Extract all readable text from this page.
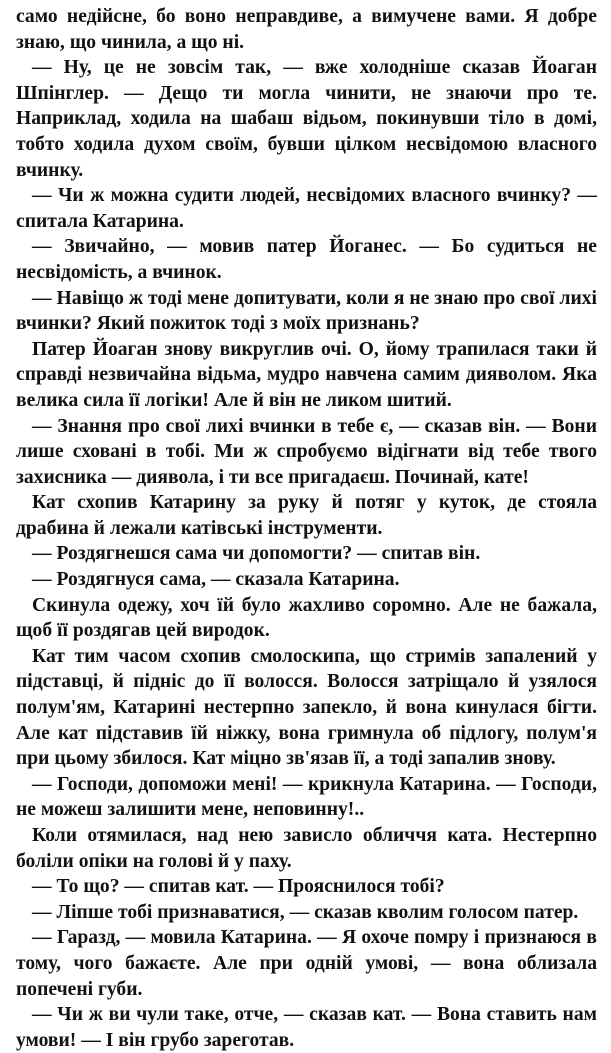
само недійсне, бо воно неправдиве, а вимучене вами. Я добре знаю, що чинила, а що ні.

— Ну, це не зовсім так, — вже холодніше сказав Йоаган Шпінглер. — Дещо ти могла чинити, не знаючи про те. Наприклад, ходила на шабаш відьом, покинувши тіло в домі, тобто ходила духом своїм, бувши цілком несвідомою власного вчинку.

— Чи ж можна судити людей, несвідомих власного вчинку? — спитала Катарина.

— Звичайно, — мовив патер Йоганес. — Бо судиться не несвідомість, а вчинок.

— Навіщо ж тоді мене допитувати, коли я не знаю про свої лихі вчинки? Який пожиток тоді з моїх признань?

Патер Йоаган знову викруглив очі. О, йому трапилася таки й справді незвичайна відьма, мудро навчена самим дияволом. Яка велика сила її логіки! Але й він не ликом шитий.

— Знання про свої лихі вчинки в тебе є, — сказав він. — Вони лише сховані в тобі. Ми ж спробуємо відігнати від тебе твого захисника — диявола, і ти все пригадаєш. Починай, кате!

Кат схопив Катарину за руку й потяг у куток, де стояла драбина й лежали катівські інструменти.

— Роздягнешся сама чи допомогти? — спитав він.

— Роздягнуся сама, — сказала Катарина.

Скинула одежу, хоч їй було жахливо соромно. Але не бажала, щоб її роздягав цей виродок.

Кат тим часом схопив смолоскипа, що стримів запалений у підставці, й підніс до її волосся. Волосся затріщало й узялося полум'ям, Катарині нестерпно запекло, й вона кинулася бігти. Але кат підставив їй ніжку, вона гримнула об підлогу, полум'я при цьому збилося. Кат міцно зв'язав її, а тоді запалив знову.

— Господи, допоможи мені! — крикнула Катарина. — Господи, не можеш залишити мене, неповинну!..

Коли отямилася, над нею зависло обличчя ката. Нестерпно боліли опіки на голові й у паху.

— То що? — спитав кат. — Прояснилося тобі?

— Ліпше тобі признаватися, — сказав кволим голосом патер.

— Гаразд, — мовила Катарина. — Я охоче помру і признаюся в тому, чого бажаєте. Але при одній умові, — вона облизала попечені губи.

— Чи ж ви чули таке, отче, — сказав кат. — Вона ставить нам умови! — І він грубо зареготав.
